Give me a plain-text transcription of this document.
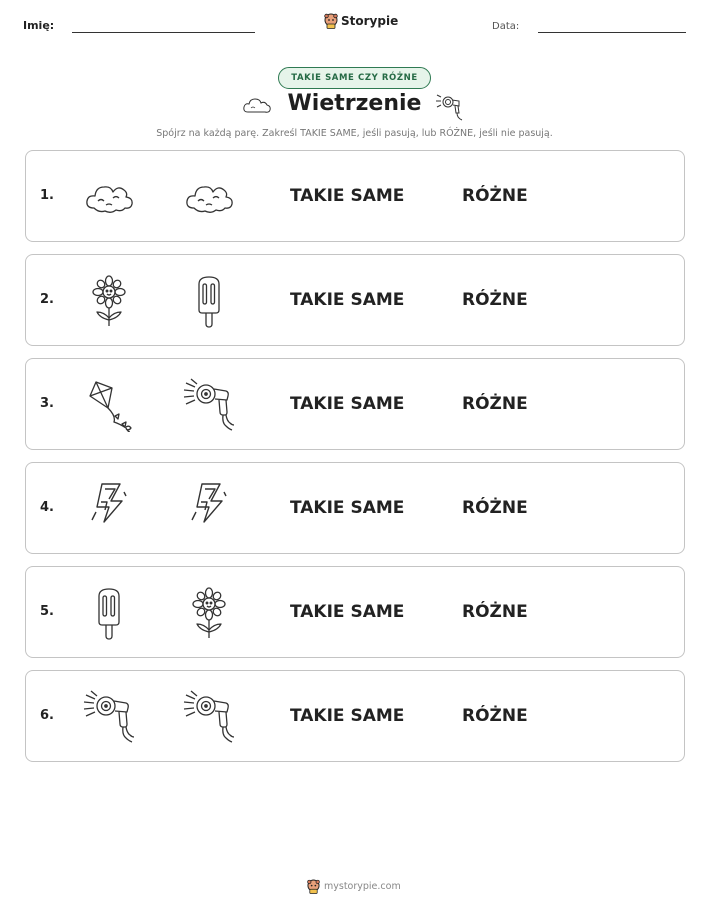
Imię:	Storypie	Data:
TAKIE SAME CZY RÓŻNE
Wietrzenie
Spójrz na każdą parę. Zakreśl TAKIE SAME, jeśli pasują, lub RÓŻNE, jeśli nie pasują.
1.	TAKIE SAME	RÓŻNE
2.	TAKIE SAME	RÓŻNE
3.	TAKIE SAME	RÓŻNE
4.	TAKIE SAME	RÓŻNE
5.	TAKIE SAME	RÓŻNE
6.	TAKIE SAME	RÓŻNE
mystorypie.com
